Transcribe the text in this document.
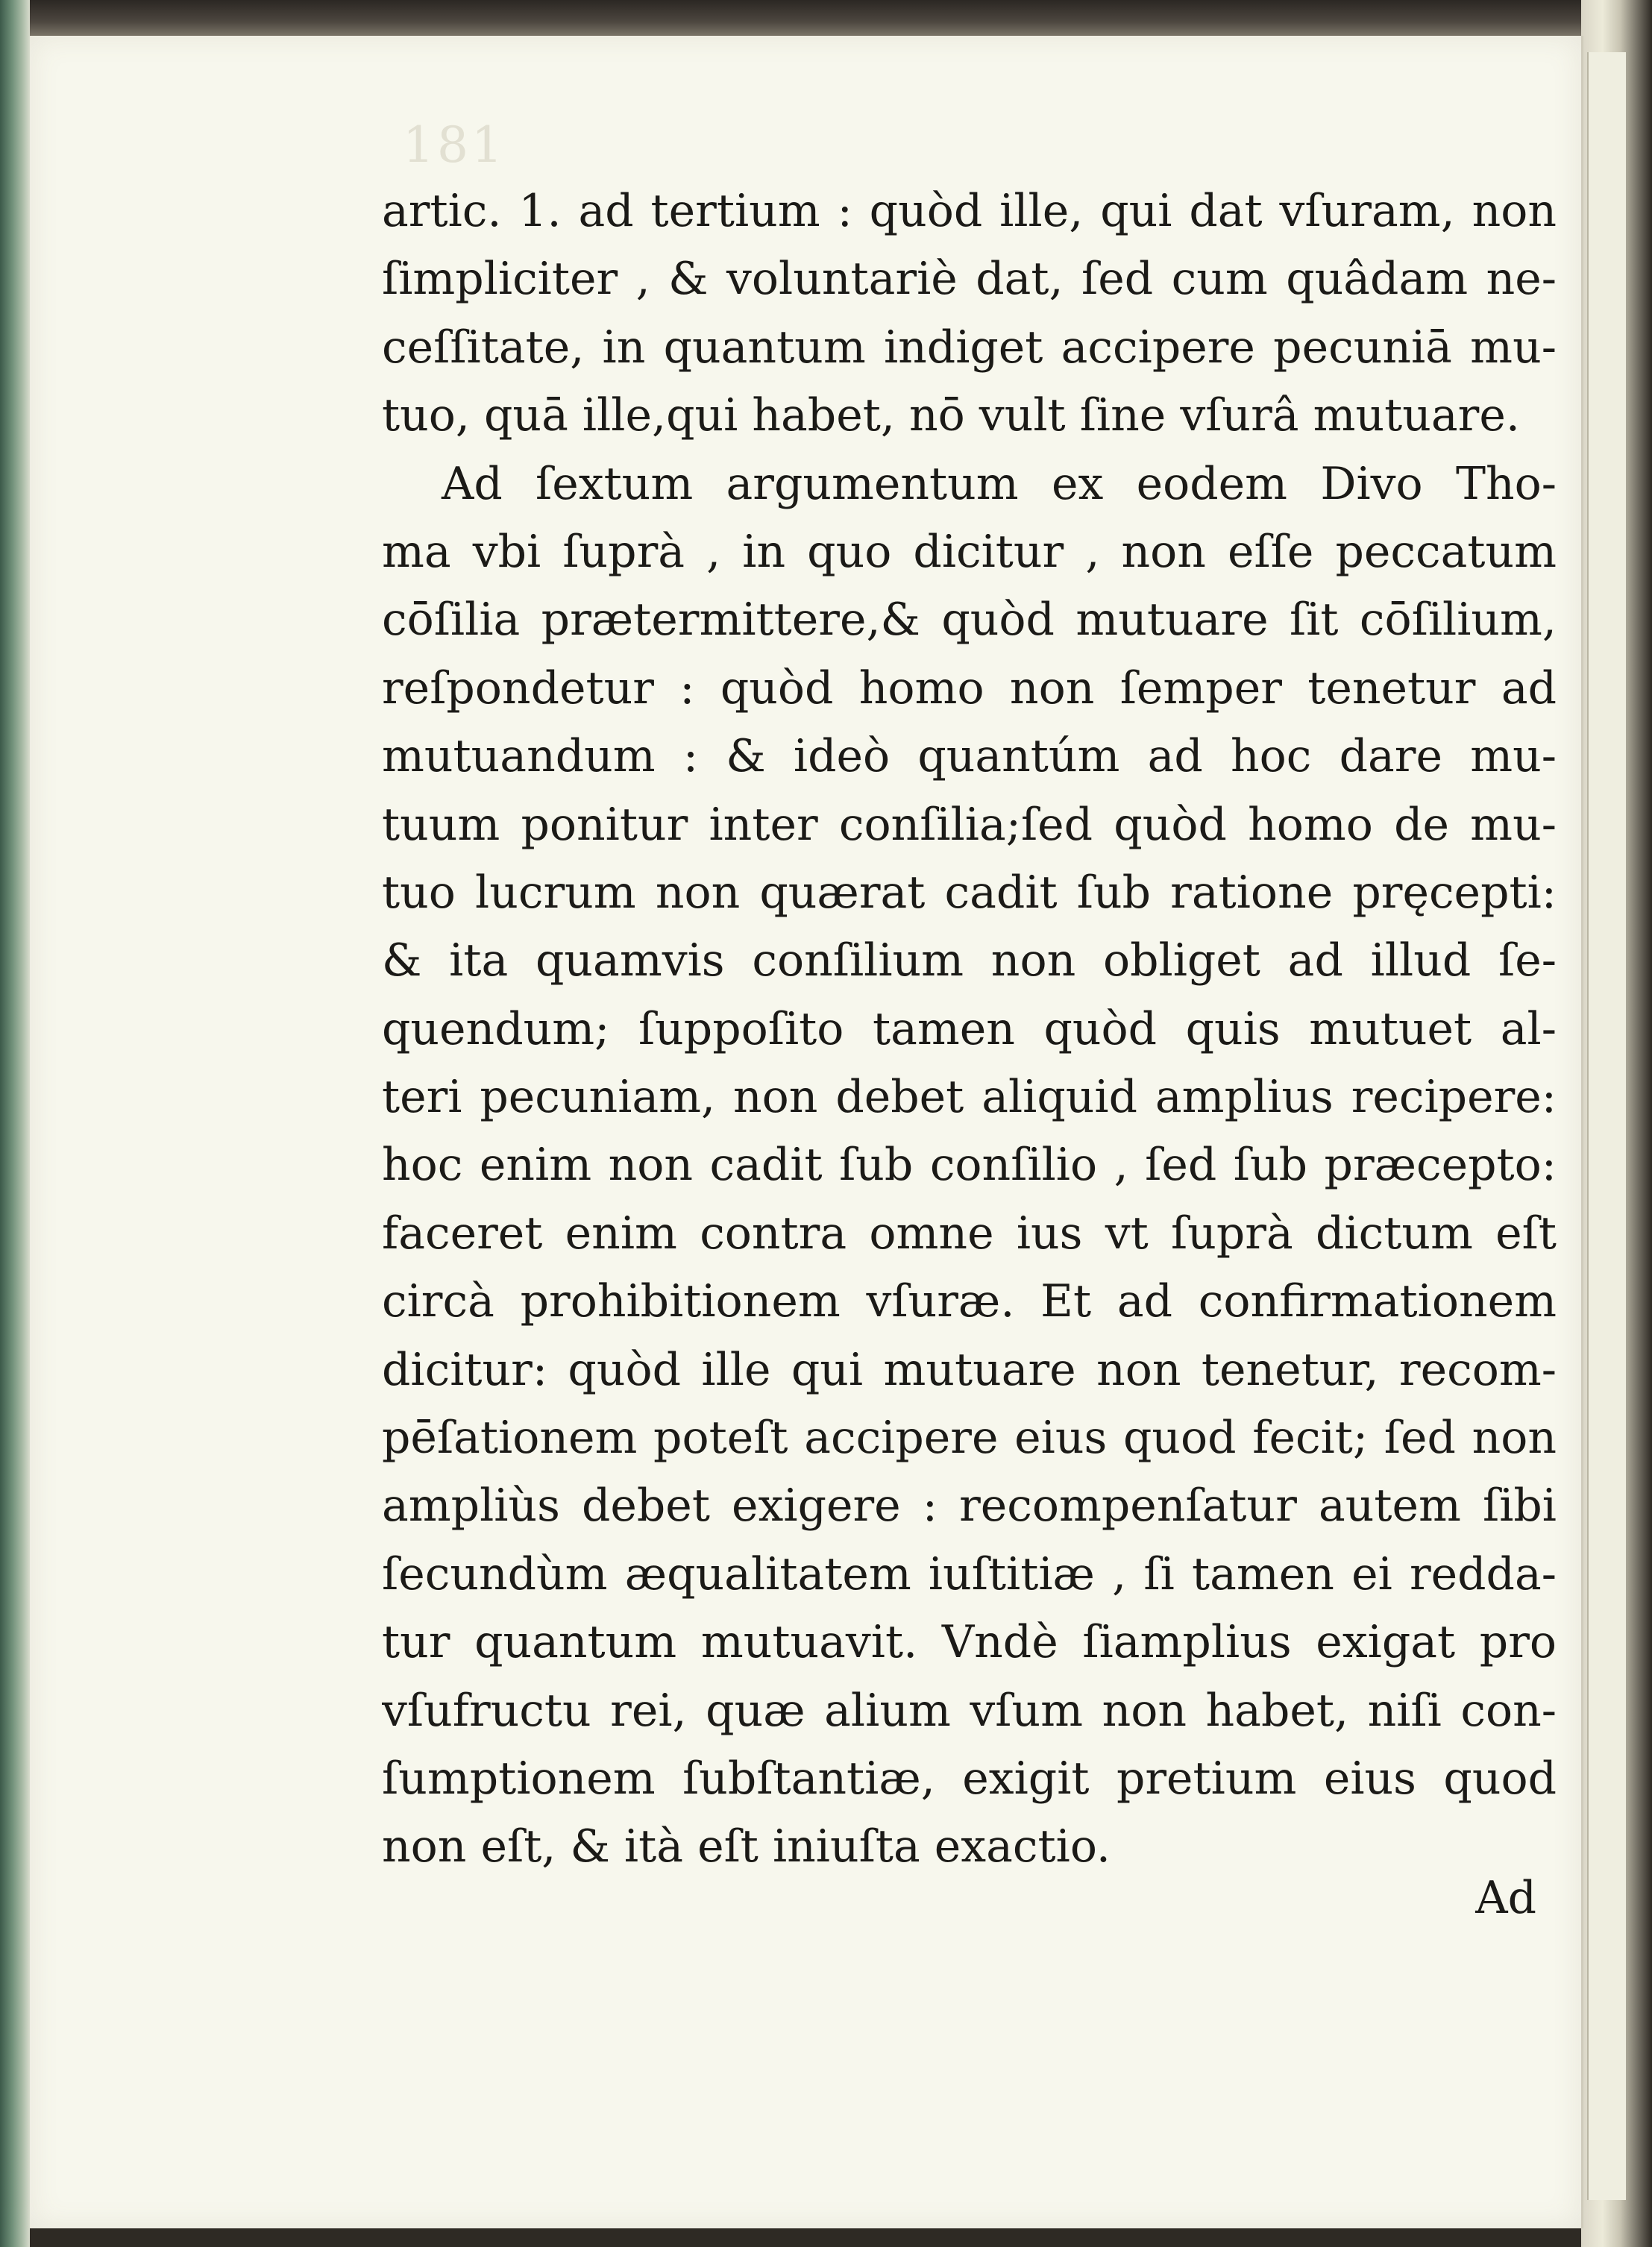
181
artic. 1. ad tertium : quòd ille, qui dat vſuram, non
ſimpliciter , & voluntariè dat, ſed cum quâdam ne-
ceſſitate, in quantum indiget accipere pecuniā mu-
tuo, quā ille,qui habet, nō vult ſine vſurâ mutuare.
Ad ſextum argumentum ex eodem Divo Tho-
ma vbi ſuprà , in quo dicitur , non eſſe peccatum
cōſilia prætermittere,& quòd mutuare ſit cōſilium,
reſpondetur : quòd homo non ſemper tenetur ad
mutuandum : & ideò quantúm ad hoc dare mu-
tuum ponitur inter conſilia;ſed quòd homo de mu-
tuo lucrum non quærat cadit ſub ratione pręcepti:
& ita quamvis conſilium non obliget ad illud ſe-
quendum; ſuppoſito tamen quòd quis mutuet al-
teri pecuniam, non debet aliquid amplius recipere:
hoc enim non cadit ſub conſilio , ſed ſub præcepto:
faceret enim contra omne ius vt ſuprà dictum eſt
circà prohibitionem vſuræ. Et ad confirmationem
dicitur: quòd ille qui mutuare non tenetur, recom-
pēſationem poteſt accipere eius quod fecit; ſed non
ampliùs debet exigere : recompenſatur autem ſibi
ſecundùm æqualitatem iuſtitiæ , ſi tamen ei redda-
tur quantum mutuavit. Vndè ſiamplius exigat pro
vſufructu rei, quæ alium vſum non habet, niſi con-
ſumptionem ſubſtantiæ, exigit pretium eius quod
non eſt, & ità eſt iniuſta exactio.
Ad
